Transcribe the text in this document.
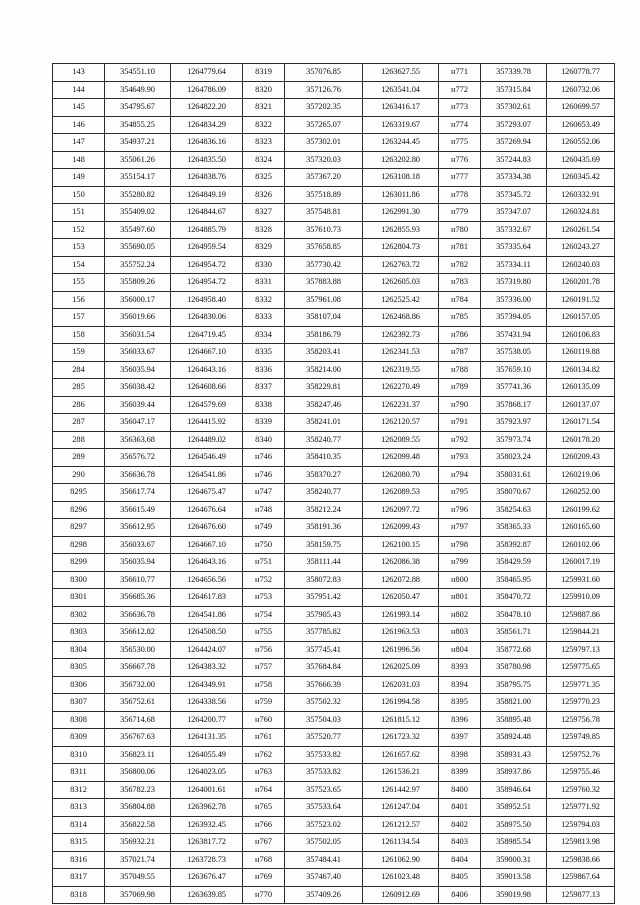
143	354551.10	1264779.64	8319	357076.85	1263627.55	н771	357339.78	1260778.77
144	354649.90	1264786.09	8320	357126.76	1263541.04	н772	357315.84	1260732.06
145	354795.67	1264822.20	8321	357202.35	1263416.17	н773	357302.61	1260699.57
146	354855.25	1264834.29	8322	357265.07	1263319.67	н774	357293.07	1260653.49
147	354937.21	1264836.16	8323	357302.01	1263244.45	н775	357269.94	1260552.06
148	355061.26	1264835.50	8324	357320.03	1263202.80	н776	357244.83	1260435.69
149	355154.17	1264838.76	8325	357367.20	1263108.18	н777	357334.38	1260345.42
150	355280.82	1264849.19	8326	357518.89	1263011.86	н778	357345.72	1260332.91
151	355409.02	1264844.67	8327	357548.81	1262991.30	н779	357347.07	1260324.81
152	355497.60	1264885.79	8328	357610.73	1262855.93	н780	357332.67	1260261.54
153	355690.05	1264959.54	8329	357658.85	1262804.73	н781	357335.64	1260243.27
154	355752.24	1264954.72	8330	357730.42	1262763.72	н782	357334.11	1260240.03
155	355809.26	1264954.72	8331	357883.88	1262605.03	н783	357319.80	1260201.78
156	356000.17	1264958.40	8332	357961.08	1262525.42	н784	357336.00	1260191.52
157	356019.66	1264830.06	8333	358107.04	1262468.86	н785	357394.05	1260157.05
158	356031.54	1264719.45	8334	358186.79	1262392.73	н786	357431.94	1260106.83
159	356033.67	1264667.10	8335	358203.41	1262341.53	н787	357538.05	1260119.88
284	356035.94	1264643.16	8336	358214.00	1262319.55	н788	357659.10	1260134.82
285	356038.42	1264608.66	8337	358229.81	1262270.49	н789	357741.36	1260135.09
286	356039.44	1264579.69	8338	358247.46	1262231.37	н790	357868.17	1260137.07
287	356047.17	1264415.92	8339	358241.01	1262120.57	н791	357923.97	1260171.54
288	356363.68	1264489.02	8340	358240.77	1262089.55	н792	357973.74	1260178.20
289	356576.72	1264546.49	н746	358410.35	1262099.48	н793	358023.24	1260209.43
290	356636.78	1264541.86	н746	358370.27	1262080.70	н794	358031.61	1260219.06
8295	356617.74	1264675.47	н747	358240.77	1262089.53	н795	358070.67	1260252.00
8296	356615.49	1264676.64	н748	358212.24	1262097.72	н796	358254.63	1260199.62
8297	356612.95	1264676.60	н749	358191.36	1262099.43	н797	358365.33	1260165.60
8298	356033.67	1264667.10	н750	358159.75	1262100.15	н798	358392.87	1260102.06
8299	356035.94	1264643.16	н751	358111.44	1262086.38	н799	358429.59	1260017.19
8300	356610.77	1264656.56	н752	358072.83	1262072.88	н800	358465.95	1259931.60
8301	356685.36	1264617.83	н753	357951.42	1262050.47	н801	358470.72	1259910.09
8302	356636.78	1264541.86	н754	357905.43	1261993.14	н802	358478.10	1259887.86
8303	356612.82	1264508.50	н755	357785.82	1261963.53	н803	358561.71	1259844.21
8304	356530.00	1264424.07	н756	357745.41	1261996.56	н804	358772.68	1259797.13
8305	356667.78	1264383.32	н757	357684.84	1262025.09	8393	358780.98	1259775.65
8306	356732.00	1264349.91	н758	357666.39	1262031.03	8394	358795.75	1259771.35
8307	356752.61	1264338.56	н759	357502.32	1261994.58	8395	358821.00	1259770.23
8308	356714.68	1264200.77	н760	357504.03	1261815.12	8396	358895.48	1259756.78
8309	356767.63	1264131.35	н761	357520.77	1261723.32	8397	358924.48	1259749.85
8310	356823.11	1264055.49	н762	357533.82	1261657.62	8398	358931.43	1259752.76
8311	356800.06	1264023.05	н763	357533.82	1261536.21	8399	358937.86	1259755.46
8312	356782.23	1264001.61	н764	357523.65	1261442.97	8400	358946.64	1259760.32
8313	356804.88	1263962.78	н765	357533.64	1261247.04	8401	358952.51	1259771.92
8314	356822.58	1263932.45	н766	357523.02	1261212.57	8402	358975.50	1259794.03
8315	356932.21	1263817.72	н767	357502.05	1261134.54	8403	358985.54	1259813.98
8316	357021.74	1263728.73	н768	357484.41	1261062.90	8404	359000.31	1259838.66
8317	357049.55	1263676.47	н769	357467.40	1261023.48	8405	359013.58	1259867.64
8318	357069.98	1263639.85	н770	357409.26	1260912.69	8406	359019.98	1259877.13
